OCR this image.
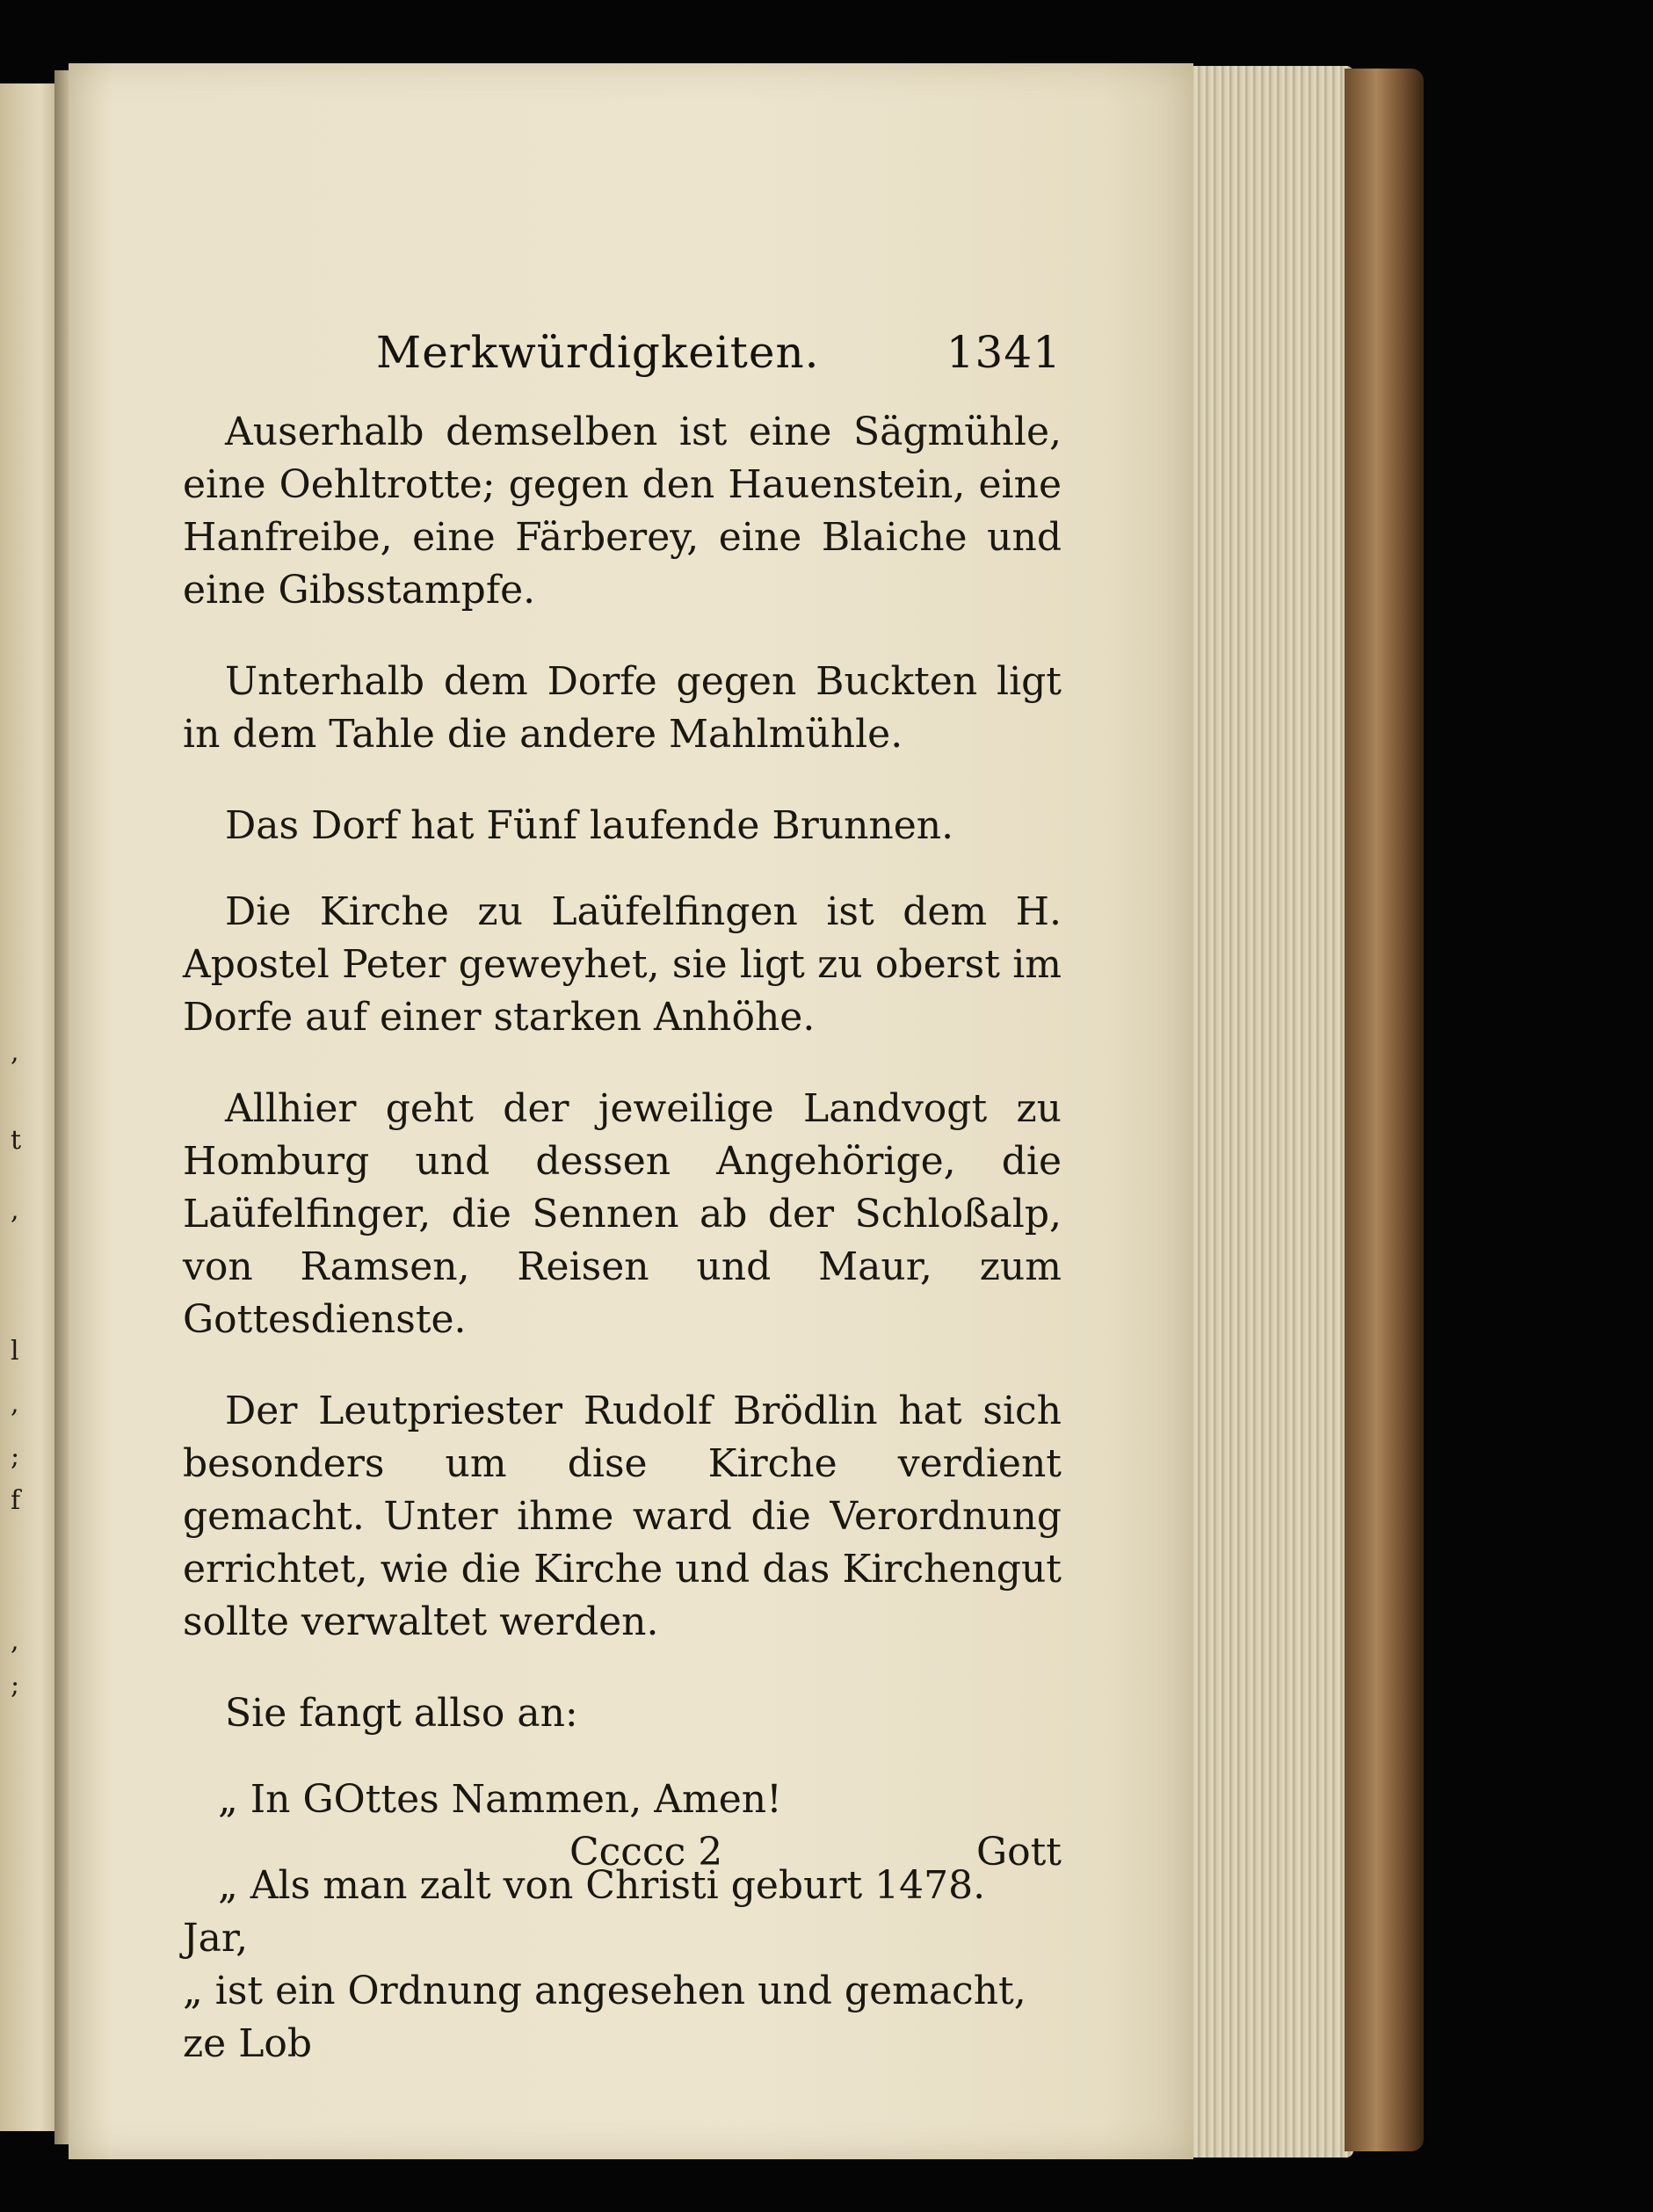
,
t
,
l
,
;
f
,
;
Merkwürdigkeiten.	1341

Auserhalb demselben ist eine Sägmühle, eine Oehltrotte; gegen den Hauenstein, eine Hanfreibe, eine Färberey, eine Blaiche und eine Gibsstampfe.

Unterhalb dem Dorfe gegen Buckten ligt in dem Tahle die andere Mahlmühle.

Das Dorf hat Fünf laufende Brunnen.

Die Kirche zu Laüfelfingen ist dem H. Apostel Peter geweyhet, sie ligt zu oberst im Dorfe auf einer starken Anhöhe.

Allhier geht der jeweilige Landvogt zu Homburg und dessen Angehörige, die Laüfelfinger, die Sennen ab der Schloßalp, von Ramsen, Reisen und Maur, zum Gottesdienste.

Der Leutpriester Rudolf Brödlin hat sich besonders um dise Kirche verdient gemacht. Unter ihme ward die Verordnung errichtet, wie die Kirche und das Kirchengut sollte verwaltet werden.

Sie fangt allso an:

„ In GOttes Nammen, Amen!

„ Als man zalt von Christi geburt 1478. Jar,

„ ist ein Ordnung angesehen und gemacht, ze Lob

Ccccc 2	Gott
